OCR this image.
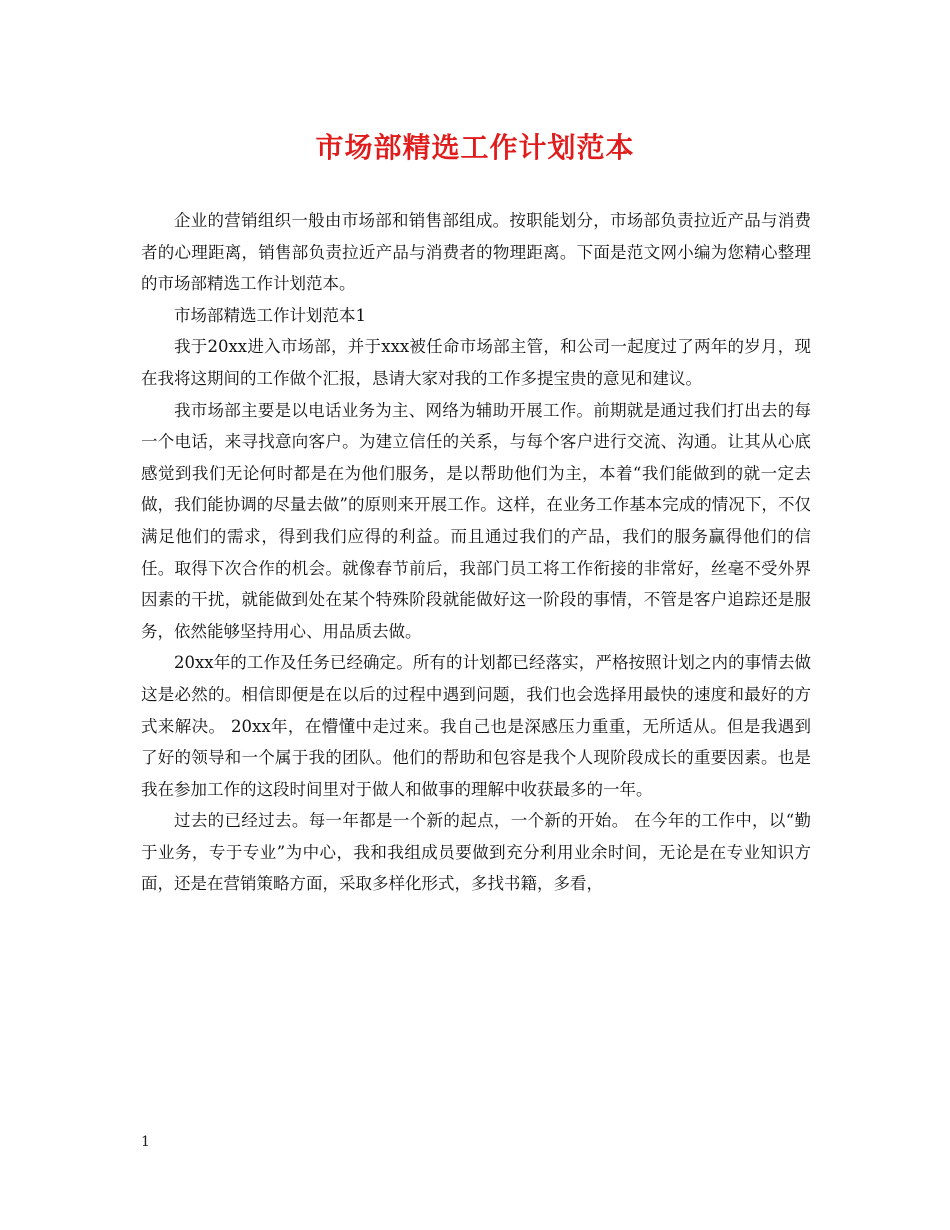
市场部精选工作计划范本

企业的营销组织一般由市场部和销售部组成。按职能划分，市场部负责拉近产品与消费者的心理距离，销售部负责拉近产品与消费者的物理距离。下面是范文网小编为您精心整理的市场部精选工作计划范本。

市场部精选工作计划范本1

我于20xx进入市场部，并于xxx被任命市场部主管，和公司一起度过了两年的岁月，现在我将这期间的工作做个汇报，恳请大家对我的工作多提宝贵的意见和建议。

我市场部主要是以电话业务为主、网络为辅助开展工作。前期就是通过我们打出去的每一个电话，来寻找意向客户。为建立信任的关系，与每个客户进行交流、沟通。让其从心底感觉到我们无论何时都是在为他们服务，是以帮助他们为主，本着“我们能做到的就一定去做，我们能协调的尽量去做”的原则来开展工作。这样，在业务工作基本完成的情况下，不仅满足他们的需求，得到我们应得的利益。而且通过我们的产品，我们的服务赢得他们的信任。取得下次合作的机会。就像春节前后，我部门员工将工作衔接的非常好，丝毫不受外界因素的干扰，就能做到处在某个特殊阶段就能做好这一阶段的事情，不管是客户追踪还是服务，依然能够坚持用心、用品质去做。

20xx年的工作及任务已经确定。所有的计划都已经落实，严格按照计划之内的事情去做这是必然的。相信即便是在以后的过程中遇到问题，我们也会选择用最快的速度和最好的方式来解决。 20xx年，在懵懂中走过来。我自己也是深感压力重重，无所适从。但是我遇到了好的领导和一个属于我的团队。他们的帮助和包容是我个人现阶段成长的重要因素。也是我在参加工作的这段时间里对于做人和做事的理解中收获最多的一年。

过去的已经过去。每一年都是一个新的起点，一个新的开始。 在今年的工作中，以“勤于业务，专于专业”为中心，我和我组成员要做到充分利用业余时间，无论是在专业知识方面，还是在营销策略方面，采取多样化形式，多找书籍，多看，

1
